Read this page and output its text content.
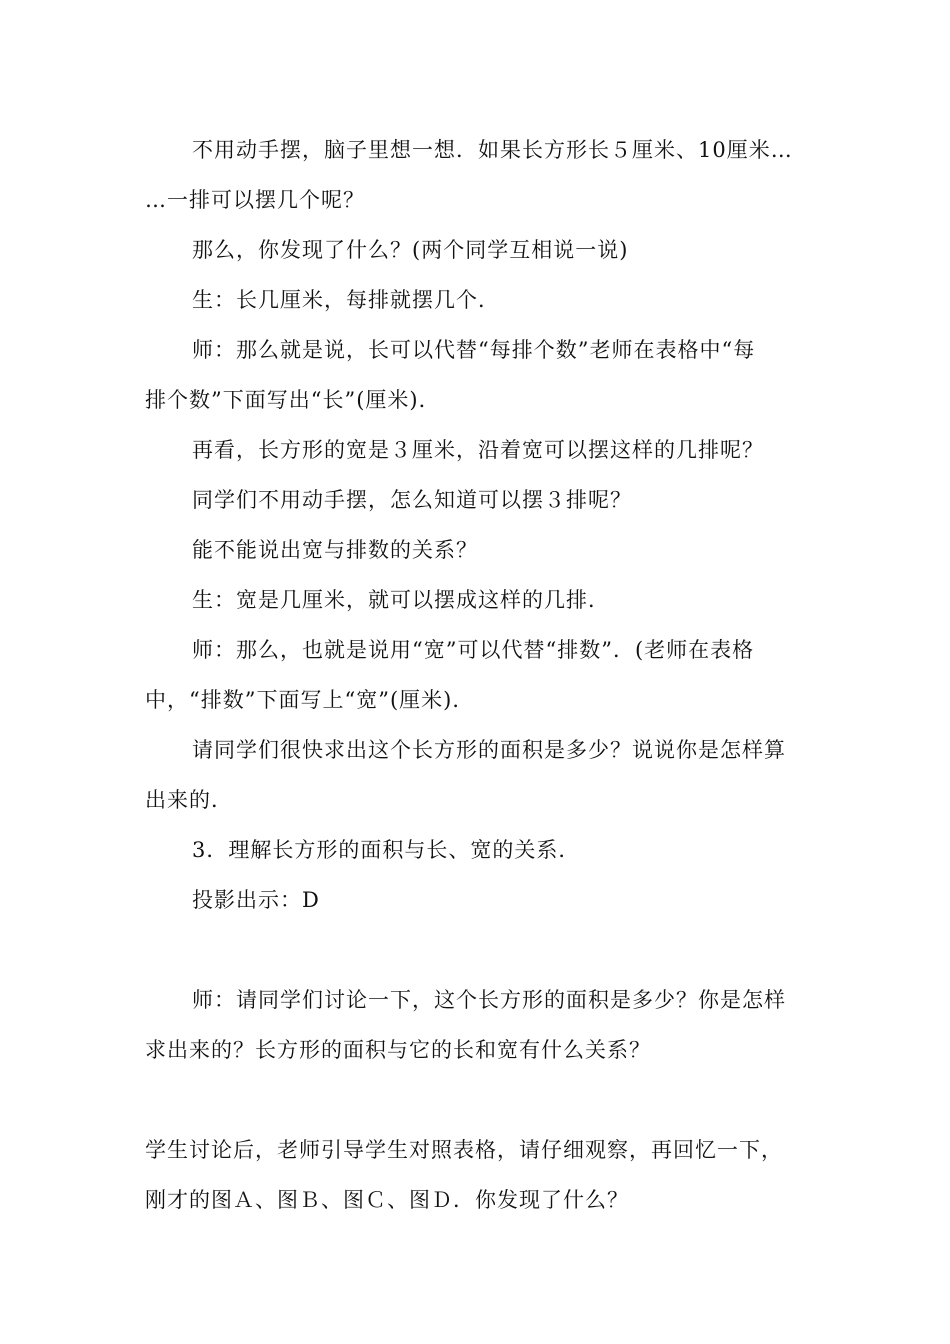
不用动手摆，脑子里想一想．如果长方形长５厘米、10厘米…
…一排可以摆几个呢？
那么，你发现了什么？(两个同学互相说一说)
生：长几厘米，每排就摆几个．
师：那么就是说，长可以代替“每排个数”老师在表格中“每
排个数”下面写出“长”(厘米)．
再看，长方形的宽是３厘米，沿着宽可以摆这样的几排呢？
同学们不用动手摆，怎么知道可以摆３排呢？
能不能说出宽与排数的关系？
生：宽是几厘米，就可以摆成这样的几排．
师：那么，也就是说用“宽”可以代替“排数”．(老师在表格
中，“排数”下面写上“宽”(厘米)．
请同学们很快求出这个长方形的面积是多少？说说你是怎样算
出来的．
3．理解长方形的面积与长、宽的关系．
投影出示：D
师：请同学们讨论一下，这个长方形的面积是多少？你是怎样
求出来的？长方形的面积与它的长和宽有什么关系？
学生讨论后，老师引导学生对照表格，请仔细观察，再回忆一下，
刚才的图Ａ、图Ｂ、图Ｃ、图Ｄ．你发现了什么？
